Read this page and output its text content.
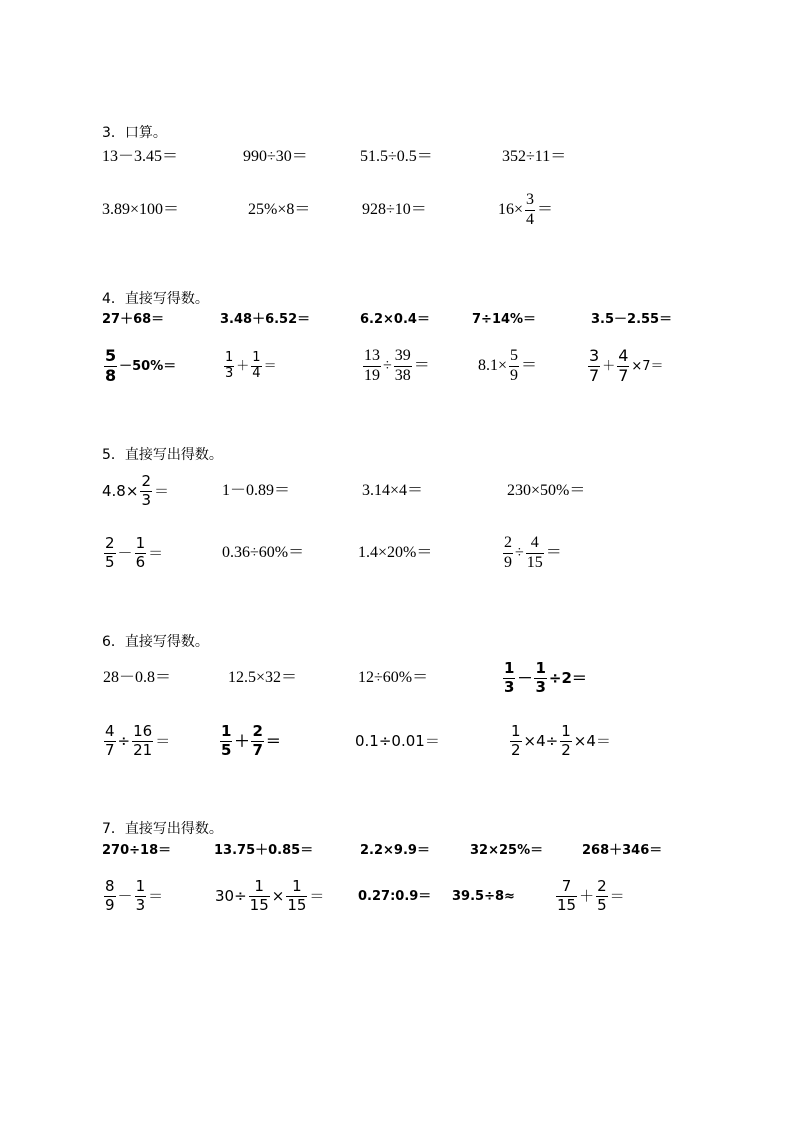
3．口算。
13－3.45＝	990÷30＝	51.5÷0.5＝	352÷11＝
3.89×100＝	25%×8＝	928÷10＝	$16\times \frac{3}{4}$ ＝
4．直接写得数。
27＋68＝	3.48＋6.52＝	6.2×0.4＝	7÷14%＝	3.5－2.55＝
$\frac{5}{8} -50\%=$	$\frac{1}{3} + \frac{1}{4}$ ＝	$\frac{13}{19} \div \frac{39}{38}$ ＝	$8.1\times \frac{5}{9}$ ＝	$\frac{3}{7} + \frac{4}{7} \times 7=$
5．直接写出得数。
$4.8\times \frac{2}{3}$ ＝	1－0.89＝	3.14×4＝	230×50%＝
$\frac{2}{5} - \frac{1}{6}$ ＝	0.36÷60%＝	1.4×20%＝	$\frac{2}{9} \div \frac{4}{15}$ ＝
6．直接写得数。
28－0.8＝	12.5×32＝	12÷60%＝	$\frac{1}{3} - \frac{1}{3} \div 2=$
$\frac{4}{7} \div \frac{16}{21}$ ＝	$\frac{1}{5} + \frac{2}{7}$ ＝	0.1÷0.01＝	$\frac{1}{2} \times 4\div \frac{1}{2} \times 4=$
7．直接写出得数。
270÷18＝	13.75＋0.85＝	2.2×9.9＝	32×25%＝	268＋346＝
$\frac{8}{9} - \frac{1}{3}$ ＝	$30\div \frac{1}{15} \times \frac{1}{15}$ ＝	0.27:0.9＝ 39.5÷8≈	$\frac{7}{15} + \frac{2}{5}$ ＝
